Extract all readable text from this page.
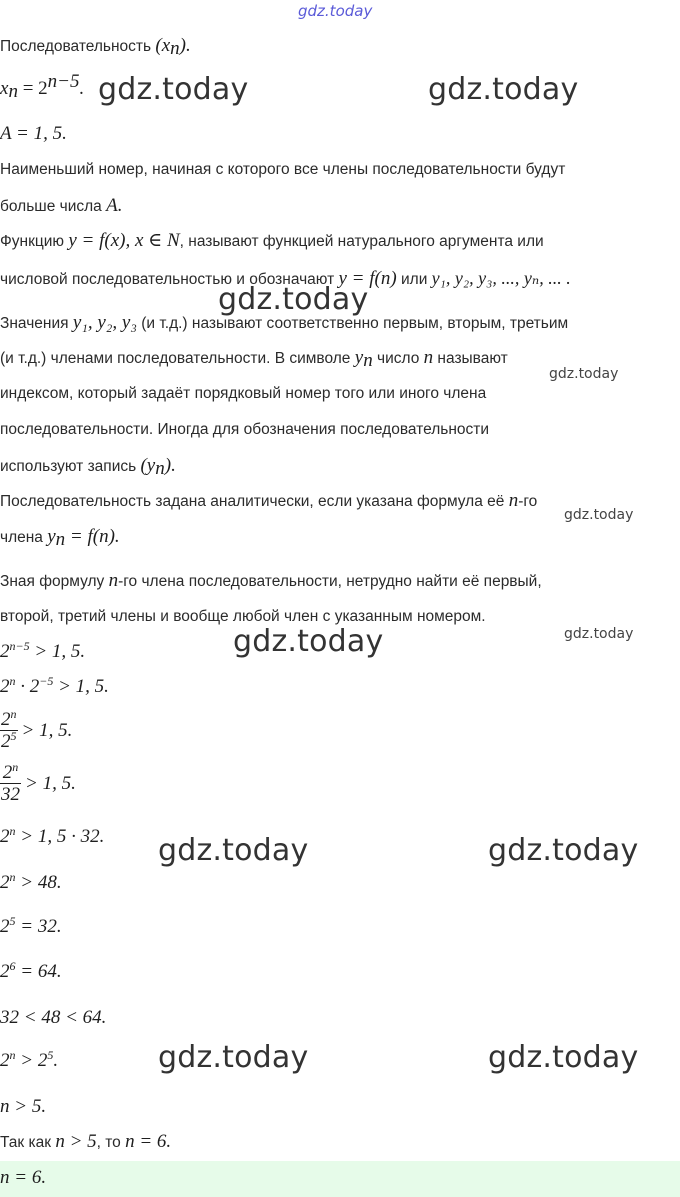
gdz.today
gdz.today	gdz.today
gdz.today
gdz.today
gdz.today
gdz.today	gdz.today
gdz.today	gdz.today
gdz.today	gdz.today
Последовательность $(x_n)$.
$x_n = 2^{n-5}$.
A = 1, 5.
Наименьший номер, начиная с которого все члены последовательности будут
больше числа A.
Функцию y = f(x), x ∈ N, называют функцией натурального аргумента или
числовой последовательностью и обозначают y = f(n) или y₁, y₂, y₃, ..., yₙ, ... .
Значения y₁, y₂, y₃ (и т.д.) называют соответственно первым, вторым, третьим
(и т.д.) членами последовательности. В символе $y_n$ число n называют
индексом, который задаёт порядковый номер того или иного члена
последовательности. Иногда для обозначения последовательности
используют запись $(y_n)$.
Последовательность задана аналитически, если указана формула её n-го
члена $y_n = f(n)$.
Зная формулу n-го члена последовательности, нетрудно найти её первый,
второй, третий члены и вообще любой член с указанным номером.
$2^{n-5} > 1$, 5.
$2^n \cdot 2^{-5} > 1$, 5.
$\frac{2^n}{2^5} > 1$, 5.
$\frac{2^n}{32} > 1$, 5.
$2^n > 1$, 5 · 32.
$2^n > 48$.
$2^5 = 32$.
$2^6 = 64$.
32 < 48 < 64.
$2^n > 2^5$.
n > 5.
Так как n > 5, то n = 6.
n = 6.
